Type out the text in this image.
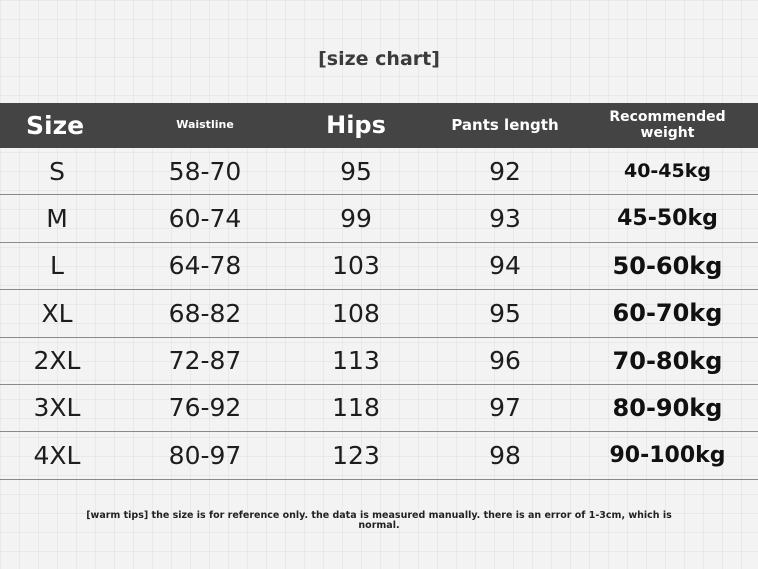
[size chart]
Size	Waistline	Hips	Pants length	Recommended weight
S	58-70	95	92	40-45kg
M	60-74	99	93	45-50kg
L	64-78	103	94	50-60kg
XL	68-82	108	95	60-70kg
2XL	72-87	113	96	70-80kg
3XL	76-92	118	97	80-90kg
4XL	80-97	123	98	90-100kg
[warm tips] the size is for reference only. the data is measured manually. there is an error of 1-3cm, which is normal.
